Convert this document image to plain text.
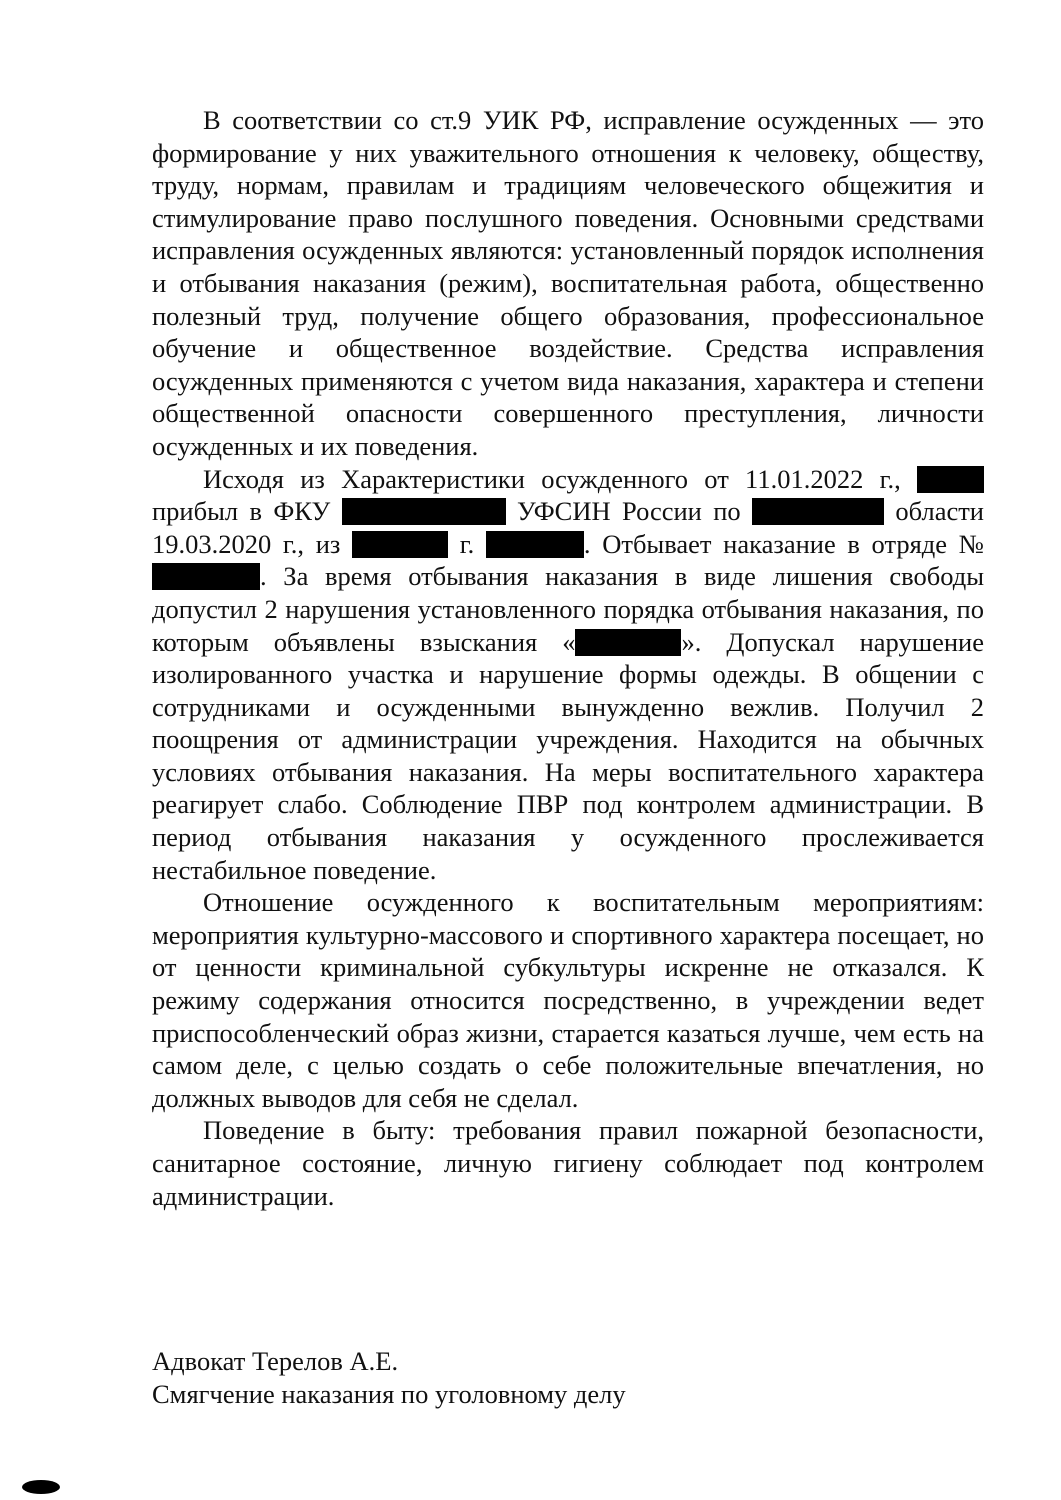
В соответствии со ст.9 УИК РФ, исправление осужденных — это формирование у них уважительного отношения к человеку, обществу, труду, нормам, правилам и традициям человеческого общежития и стимулирование право послушного поведения. Основными средствами исправления осужденных являются: установленный порядок исполнения и отбывания наказания (режим), воспитательная работа, общественно полезный труд, получение общего образования, профессиональное обучение и общественное воздействие. Средства исправления осужденных применяются с учетом вида наказания, характера и степени общественной опасности совершенного преступления, личности осужденных и их поведения.

Исходя из Характеристики осужденного от 11.01.2022 г.,  прибыл в ФКУ	УФСИН России по	области 19.03.2020 г., из	г.	. Отбывает наказание в отряде №. За время отбывания наказания в виде лишения свободы допустил 2 нарушения установленного порядка отбывания наказания, по которым объявлены взыскания «	». Допускал нарушение изолированного участка и нарушение формы одежды. В общении с сотрудниками и осужденными вынужденно вежлив. Получил 2 поощрения от администрации учреждения. Находится на обычных условиях отбывания наказания. На меры воспитательного характера реагирует слабо. Соблюдение ПВР под контролем администрации. В период отбывания наказания у осужденного прослеживается нестабильное поведение.

Отношение осужденного к воспитательным мероприятиям: мероприятия культурно-массового и спортивного характера посещает, но от ценности криминальной субкультуры искренне не отказался. К режиму содержания относится посредственно, в учреждении ведет приспособленческий образ жизни, старается казаться лучше, чем есть на самом деле, с целью создать о себе положительные впечатления, но должных выводов для себя не сделал.

Поведение в быту: требования правил пожарной безопасности, санитарное состояние, личную гигиену соблюдает под контролем администрации.

Адвокат Терелов А.Е.
Смягчение наказания по уголовному делу
